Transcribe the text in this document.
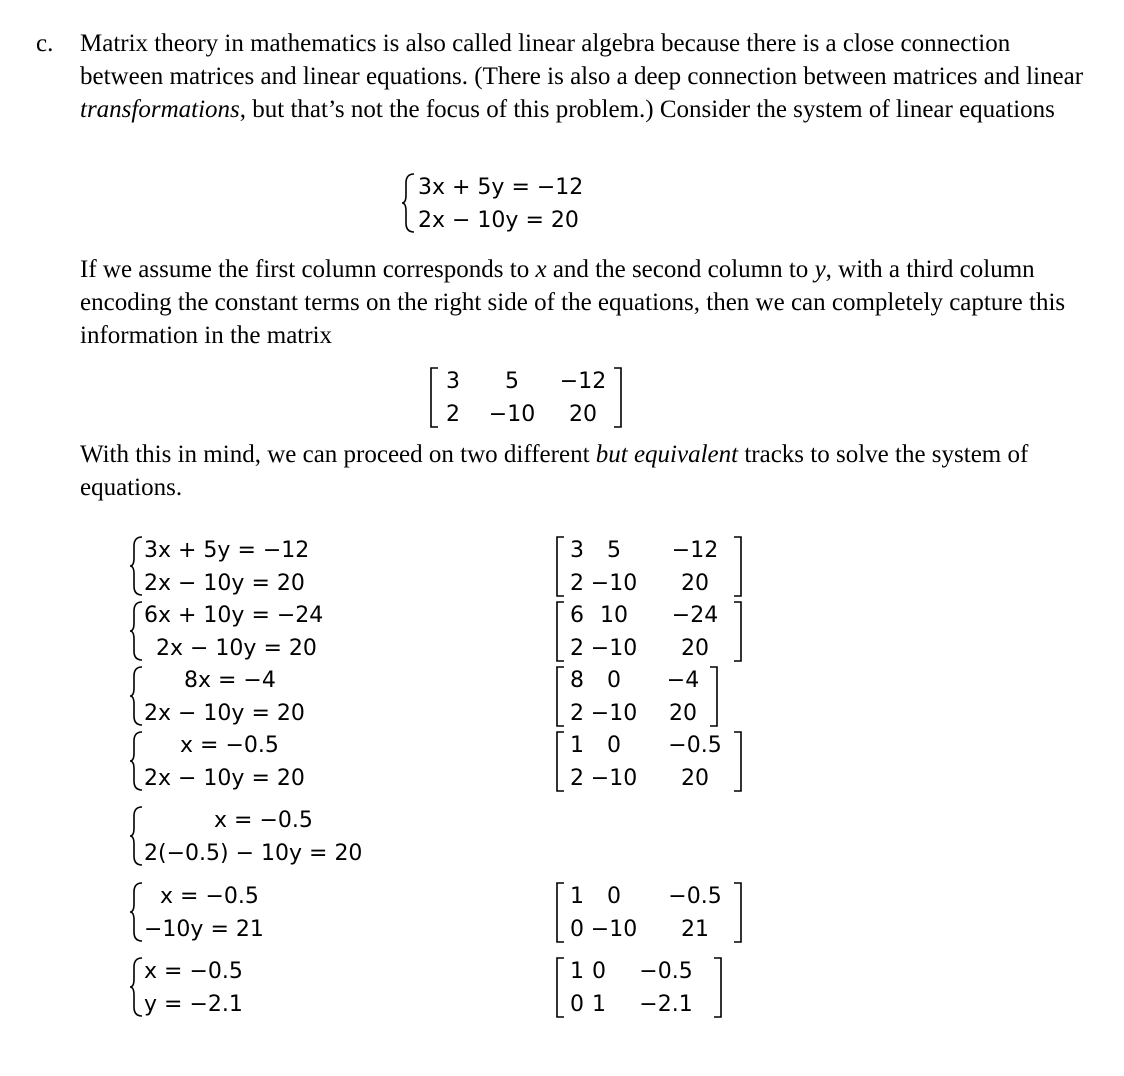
c. Matrix theory in mathematics is also called linear algebra because there is a close connection between matrices and linear equations. (There is also a deep connection between matrices and linear transformations, but that’s not the focus of this problem.) Consider the system of linear equations

3x + 5y = −12
2x − 10y = 20

If we assume the first column corresponds to x and the second column to y, with a third column encoding the constant terms on the right side of the equations, then we can completely capture this information in the matrix

3	5	−12
2	−10	20

With this in mind, we can proceed on two different but equivalent tracks to solve the system of equations.

3x + 5y = −12
2x − 10y = 20
3	5	−12
2 −10	20
6x + 10y = −24
2x − 10y = 20
6 10	−24
2 −10	20
8x = −4
2x − 10y = 20
8	0	−4
2 −10	20
x = −0.5
2x − 10y = 20
1	0	−0.5
2 −10	20
x = −0.5
2(−0.5) − 10y = 20
x = −0.5
−10y = 21
1	0	−0.5
0 −10	21
x = −0.5
y = −2.1
1 0	−0.5
0 1	−2.1
